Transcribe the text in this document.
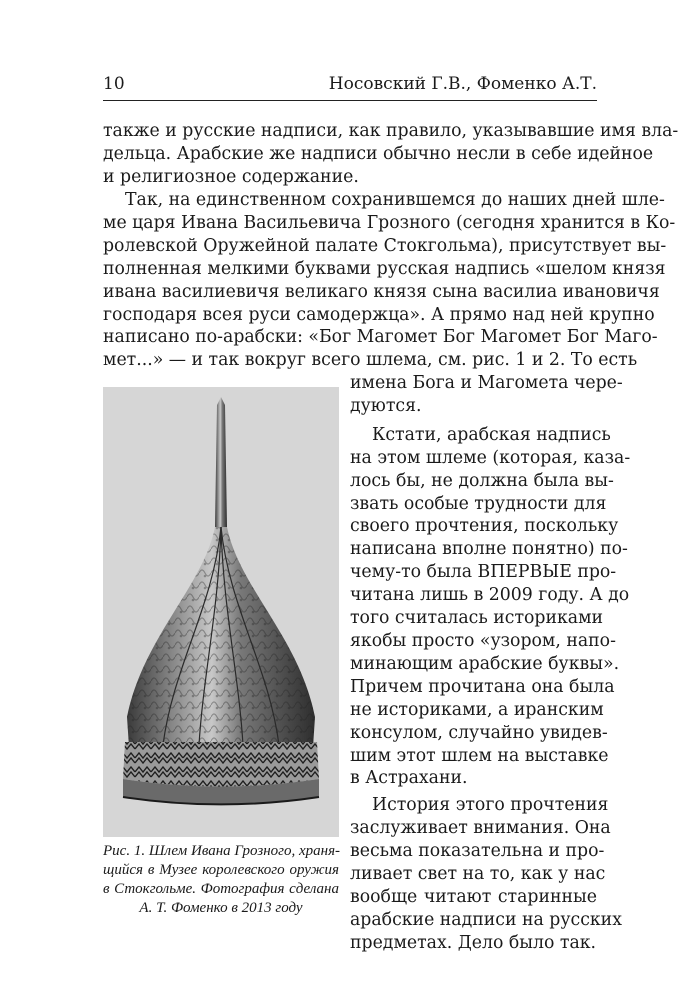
10	Носовский Г.В., Фоменко А.Т.
также и русские надписи, как правило, указывавшие имя вла-
дельца. Арабские же надписи обычно несли в себе идейное
и религиозное содержание.
Так, на единственном сохранившемся до наших дней шле-
ме царя Ивана Васильевича Грозного (сегодня хранится в Ко-
ролевской Оружейной палате Стокгольма), присутствует вы-
полненная мелкими буквами русская надпись «шелом князя
ивана василиевичя великаго князя сына василиа ивановичя
господаря всея руси самодержца». А прямо над ней крупно
написано по-арабски: «Бог Магомет Бог Магомет Бог Маго-
мет...» — и так вокруг всего шлема, см. рис. 1 и 2. То есть
Рис. 1. Шлем Ивана Грозного, храня-
щийся в Музее королевского оружия
в Стокгольме. Фотография сделана
А. Т. Фоменко в 2013 году
имена Бога и Магомета чере-
дуются.
Кстати, арабская надпись
на этом шлеме (которая, каза-
лось бы, не должна была вы-
звать особые трудности для
своего прочтения, поскольку
написана вполне понятно) по-
чему-то была ВПЕРВЫЕ про-
читана лишь в 2009 году. А до
того считалась историками
якобы просто «узором, напо-
минающим арабские буквы».
Причем прочитана она была
не историками, а иранским
консулом, случайно увидев-
шим этот шлем на выставке
в Астрахани.
История этого прочтения
заслуживает внимания. Она
весьма показательна и про-
ливает свет на то, как у нас
вообще читают старинные
арабские надписи на русских
предметах. Дело было так.
